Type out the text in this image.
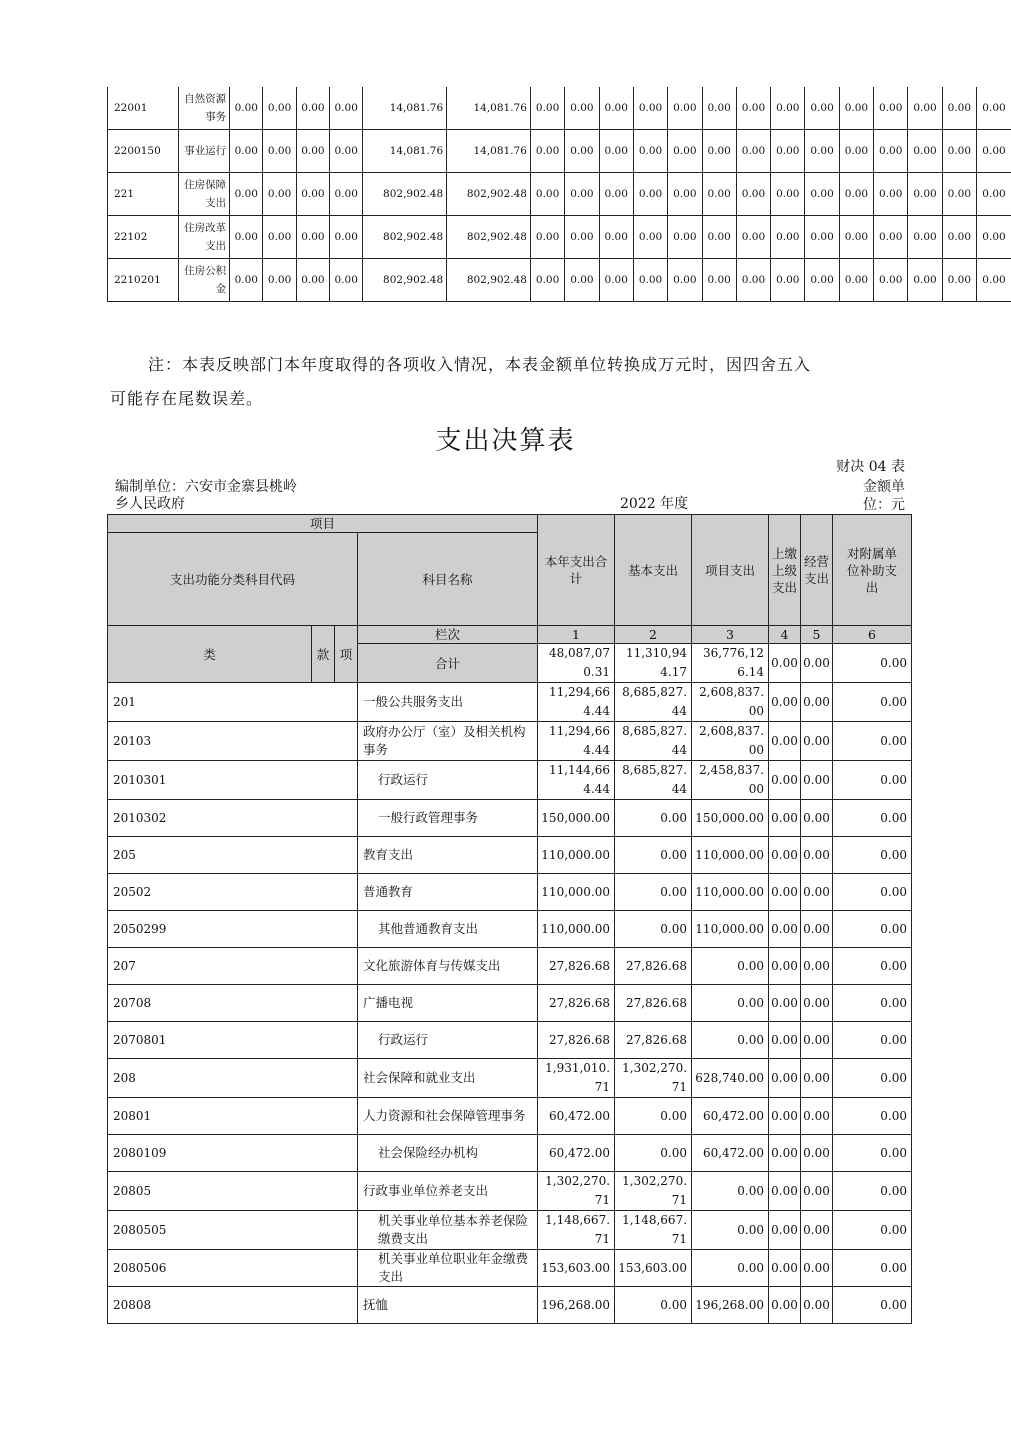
22001	自然资源事务	0.00	0.00	0.00	0.00	14,081.76	14,081.76	0.00	0.00	0.00	0.00	0.00	0.00	0.00	0.00	0.00	0.00	0.00	0.00	0.00	0.00
2200150	事业运行	0.00	0.00	0.00	0.00	14,081.76	14,081.76	0.00	0.00	0.00	0.00	0.00	0.00	0.00	0.00	0.00	0.00	0.00	0.00	0.00	0.00
221	住房保障支出	0.00	0.00	0.00	0.00	802,902.48	802,902.48	0.00	0.00	0.00	0.00	0.00	0.00	0.00	0.00	0.00	0.00	0.00	0.00	0.00	0.00
22102	住房改革支出	0.00	0.00	0.00	0.00	802,902.48	802,902.48	0.00	0.00	0.00	0.00	0.00	0.00	0.00	0.00	0.00	0.00	0.00	0.00	0.00	0.00
2210201	住房公积金	0.00	0.00	0.00	0.00	802,902.48	802,902.48	0.00	0.00	0.00	0.00	0.00	0.00	0.00	0.00	0.00	0.00	0.00	0.00	0.00	0.00
注：本表反映部门本年度取得的各项收入情况，本表金额单位转换成万元时，因四舍五入
可能存在尾数误差。
支出决算表
财决 04 表
编制单位：六安市金寨县桃岭
乡人民政府	2022 年度
金额单
位：元
项目				本年支出合计	基本支出	项目支出	上缴上级支出	经营支出	对附属单位补助支出
支出功能分类科目代码			科目名称						
类	款	项	栏次	1	2	3	4	5	6
			合计	48,087,070.31	11,310,944.17	36,776,126.14	0.00	0.00	0.00
201			一般公共服务支出	11,294,664.44	8,685,827.44	2,608,837.00	0.00	0.00	0.00
20103			政府办公厅（室）及相关机构事务	11,294,664.44	8,685,827.44	2,608,837.00	0.00	0.00	0.00
2010301			行政运行	11,144,664.44	8,685,827.44	2,458,837.00	0.00	0.00	0.00
2010302			一般行政管理事务	150,000.00	0.00	150,000.00	0.00	0.00	0.00
205			教育支出	110,000.00	0.00	110,000.00	0.00	0.00	0.00
20502			普通教育	110,000.00	0.00	110,000.00	0.00	0.00	0.00
2050299			其他普通教育支出	110,000.00	0.00	110,000.00	0.00	0.00	0.00
207			文化旅游体育与传媒支出	27,826.68	27,826.68	0.00	0.00	0.00	0.00
20708			广播电视	27,826.68	27,826.68	0.00	0.00	0.00	0.00
2070801			行政运行	27,826.68	27,826.68	0.00	0.00	0.00	0.00
208			社会保障和就业支出	1,931,010.71	1,302,270.71	628,740.00	0.00	0.00	0.00
20801			人力资源和社会保障管理事务	60,472.00	0.00	60,472.00	0.00	0.00	0.00
2080109			社会保险经办机构	60,472.00	0.00	60,472.00	0.00	0.00	0.00
20805			行政事业单位养老支出	1,302,270.71	1,302,270.71	0.00	0.00	0.00	0.00
2080505			机关事业单位基本养老保险缴费支出	1,148,667.71	1,148,667.71	0.00	0.00	0.00	0.00
2080506			机关事业单位职业年金缴费支出	153,603.00	153,603.00	0.00	0.00	0.00	0.00
20808			抚恤	196,268.00	0.00	196,268.00	0.00	0.00	0.00
